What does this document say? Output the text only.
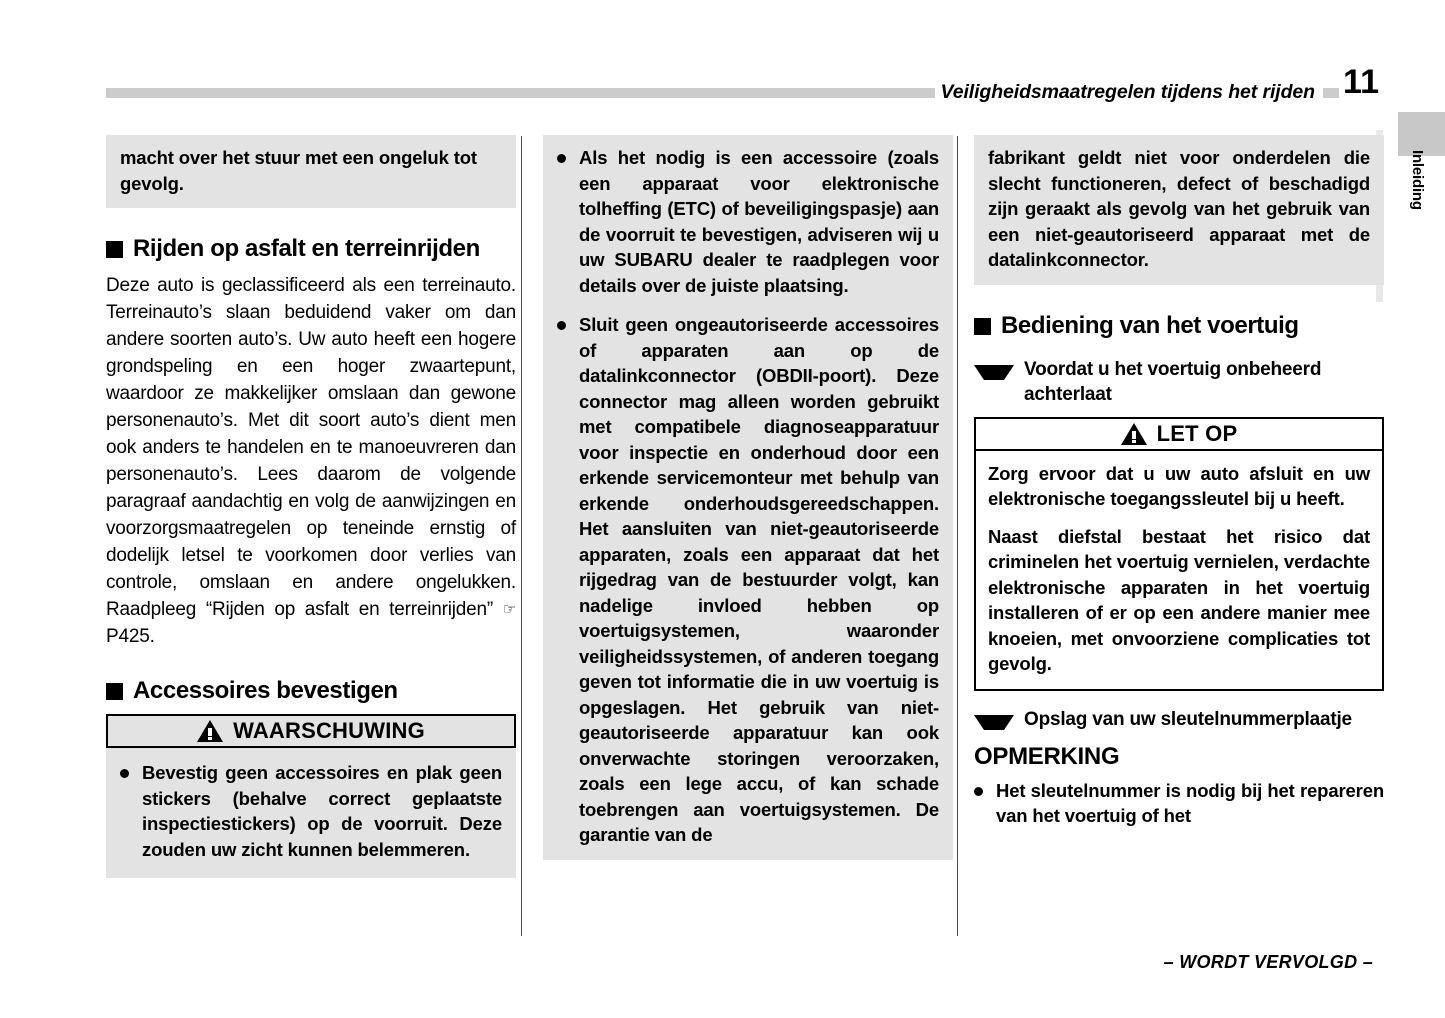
Veiligheidsmaatregelen tijdens het rijden 11
Inleiding

macht over het stuur met een ongeluk tot gevolg.

Rijden op asfalt en terreinrijden

Deze auto is geclassificeerd als een terreinauto. Terreinauto’s slaan beduidend vaker om dan andere soorten auto’s. Uw auto heeft een hogere grondspeling en een hoger zwaartepunt, waardoor ze makkelijker omslaan dan gewone personenauto’s. Met dit soort auto’s dient men ook anders te handelen en te manoeuvreren dan personenauto’s. Lees daarom de volgende paragraaf aandachtig en volg de aanwijzingen en voorzorgsmaatregelen op teneinde ernstig of dodelijk letsel te voorkomen door verlies van controle, omslaan en andere ongelukken. Raadpleeg “Rijden op asfalt en terreinrijden” ☞P425.

Accessoires bevestigen
WAARSCHUWING
Bevestig geen accessoires en plak geen stickers (behalve correct geplaatste inspectiestickers) op de voorruit. Deze zouden uw zicht kunnen belemmeren.
Als het nodig is een accessoire (zoals een apparaat voor elektronische tolheffing (ETC) of beveiligingspasje) aan de voorruit te bevestigen, adviseren wij u uw SUBARU dealer te raadplegen voor details over de juiste plaatsing.
Sluit geen ongeautoriseerde accessoires of apparaten aan op de datalinkconnector (OBDII-poort). Deze connector mag alleen worden gebruikt met compatibele diagnoseapparatuur voor inspectie en onderhoud door een erkende servicemonteur met behulp van erkende onderhoudsgereedschappen. Het aansluiten van niet-geautoriseerde apparaten, zoals een apparaat dat het rijgedrag van de bestuurder volgt, kan nadelige invloed hebben op voertuigsystemen, waaronder veiligheidssystemen, of anderen toegang geven tot informatie die in uw voertuig is opgeslagen. Het gebruik van niet-geautoriseerde apparatuur kan ook onverwachte storingen veroorzaken, zoals een lege accu, of kan schade toebrengen aan voertuigsystemen. De garantie van de

fabrikant geldt niet voor onderdelen die slecht functioneren, defect of beschadigd zijn geraakt als gevolg van het gebruik van een niet-geautoriseerd apparaat met de datalinkconnector.

Bediening van het voertuig
Voordat u het voertuig onbeheerd achterlaat
LET OP

Zorg ervoor dat u uw auto afsluit en uw elektronische toegangssleutel bij u heeft.

Naast diefstal bestaat het risico dat criminelen het voertuig vernielen, verdachte elektronische apparaten in het voertuig installeren of er op een andere manier mee knoeien, met onvoorziene complicaties tot gevolg.

Opslag van uw sleutelnummerplaatje
OPMERKING
Het sleutelnummer is nodig bij het repareren van het voertuig of het
– WORDT VERVOLGD –
